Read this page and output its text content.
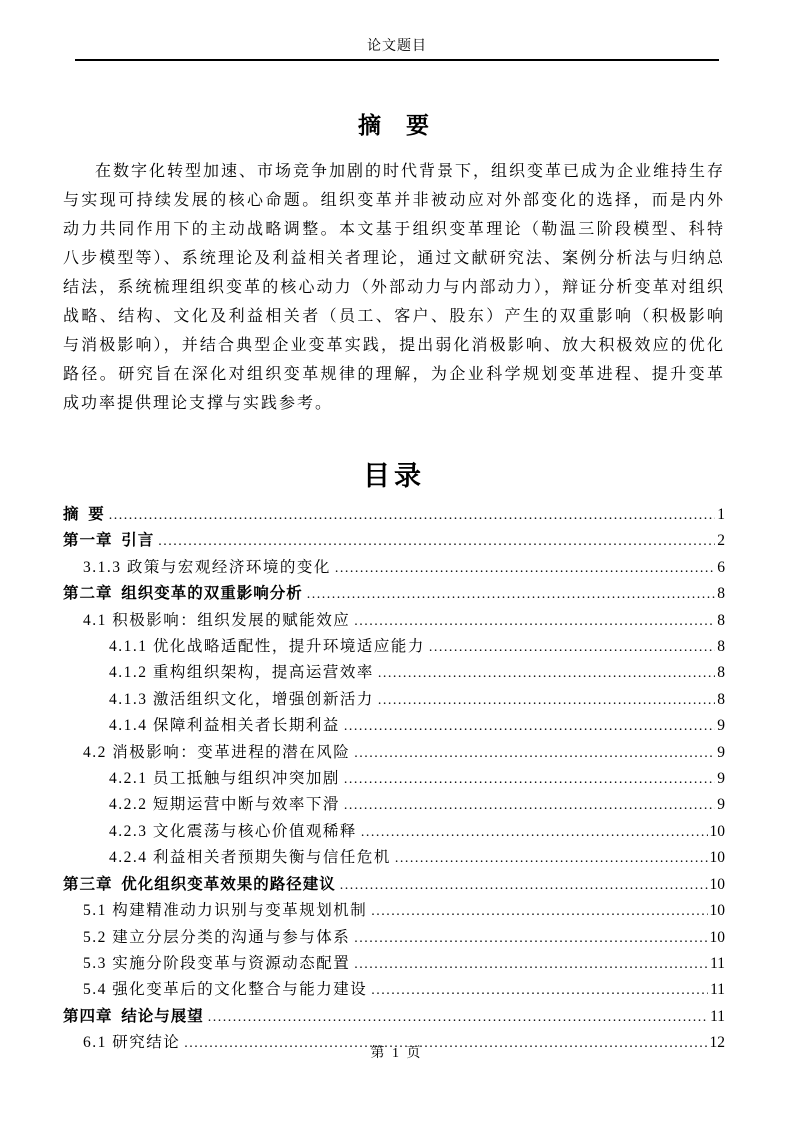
论文题目
摘　要

在数字化转型加速、市场竞争加剧的时代背景下，组织变革已成为企业维持生存与实现可持续发展的核心命题。组织变革并非被动应对外部变化的选择，而是内外动力共同作用下的主动战略调整。本文基于组织变革理论（勒温三阶段模型、科特八步模型等）、系统理论及利益相关者理论，通过文献研究法、案例分析法与归纳总结法，系统梳理组织变革的核心动力（外部动力与内部动力），辩证分析变革对组织战略、结构、文化及利益相关者（员工、客户、股东）产生的双重影响（积极影响与消极影响），并结合典型企业变革实践，提出弱化消极影响、放大积极效应的优化路径。研究旨在深化对组织变革规律的理解，为企业科学规划变革进程、提升变革成功率提供理论支撑与实践参考。

目录
摘 要 .....	1
第一章 引言 .....	2
3.1.3 政策与宏观经济环境的变化 .....	6
第二章 组织变革的双重影响分析 .....	8
4.1 积极影响：组织发展的赋能效应 .....	8
4.1.1 优化战略适配性，提升环境适应能力 .....	8
4.1.2 重构组织架构，提高运营效率 .....	8
4.1.3 激活组织文化，增强创新活力 .....	8
4.1.4 保障利益相关者长期利益 .....	9
4.2 消极影响：变革进程的潜在风险 .....	9
4.2.1 员工抵触与组织冲突加剧 .....	9
4.2.2 短期运营中断与效率下滑 .....	9
4.2.3 文化震荡与核心价值观稀释 .....	10
4.2.4 利益相关者预期失衡与信任危机 .....	10
第三章 优化组织变革效果的路径建议 .....	10
5.1 构建精准动力识别与变革规划机制 .....	10
5.2 建立分层分类的沟通与参与体系 .....	10
5.3 实施分阶段变革与资源动态配置 .....	11
5.4 强化变革后的文化整合与能力建设 .....	11
第四章 结论与展望 .....	11
6.1 研究结论 .....	12
第 1 页
